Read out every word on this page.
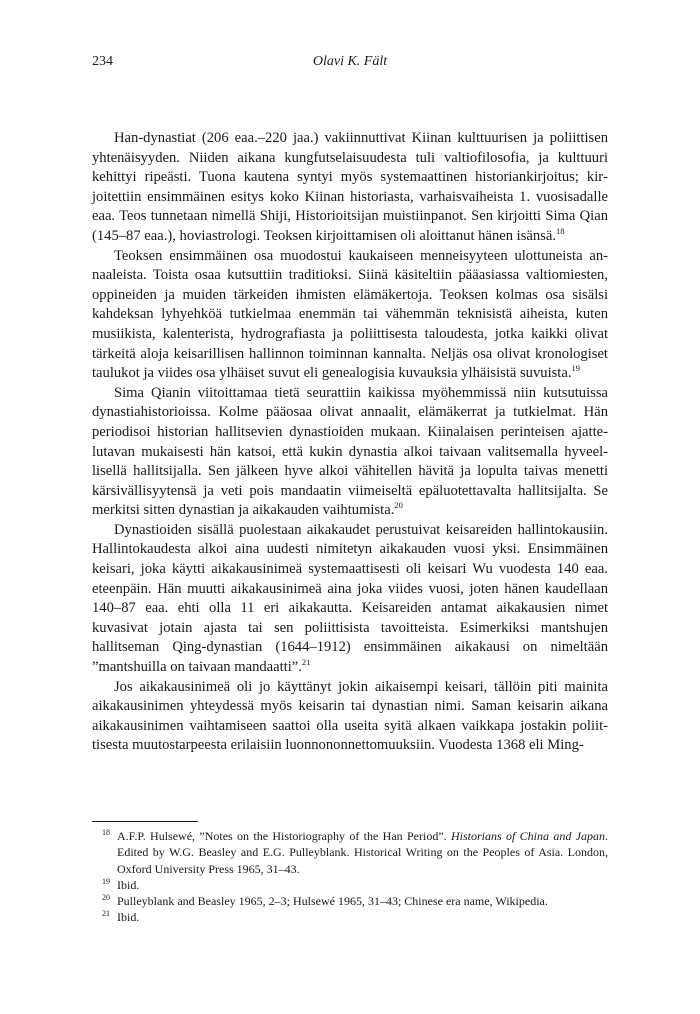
234	Olavi K. Fält

Han-dynastiat (206 eaa.–220 jaa.) vakiinnuttivat Kiinan kulttuurisen ja poliittisen yhtenäisyyden. Niiden aikana kungfutselaisuudesta tuli valtiofilosofia, ja kulttuuri kehittyi ripeästi. Tuona kautena syntyi myös systemaattinen historiankirjoitus; kirjoitettiin ensimmäinen esitys koko Kiinan historiasta, varhaisvaiheista 1. vuosisadalle eaa. Teos tunnetaan nimellä Shiji, Historioitsijan muistiinpanot. Sen kirjoitti Sima Qian (145–87 eaa.), hoviastrologi. Teoksen kirjoittamisen oli aloittanut hänen isänsä.$^{18}$

Teoksen ensimmäinen osa muodostui kaukaiseen menneisyyteen ulottuneista annaaleista. Toista osaa kutsuttiin traditioksi. Siinä käsiteltiin pääasiassa valtiomiesten, oppineiden ja muiden tärkeiden ihmisten elämäkertoja. Teoksen kolmas osa sisälsi kahdeksan lyhyehköä tutkielmaa enemmän tai vähemmän teknisistä aiheista, kuten musiikista, kalenterista, hydrografiasta ja poliittisesta taloudesta, jotka kaikki olivat tärkeitä aloja keisarillisen hallinnon toiminnan kannalta. Neljäs osa olivat kronologiset taulukot ja viides osa ylhäiset suvut eli genealogisia kuvauksia ylhäisistä suvuista.$^{19}$

Sima Qianin viitoittamaa tietä seurattiin kaikissa myöhemmissä niin kutsutuissa dynastiahistorioissa. Kolme pääosaa olivat annaalit, elämäkerrat ja tutkielmat. Hän periodisoi historian hallitsevien dynastioiden mukaan. Kiinalaisen perinteisen ajattelutavan mukaisesti hän katsoi, että kukin dynastia alkoi taivaan valitsemalla hyveellisellä hallitsijalla. Sen jälkeen hyve alkoi vähitellen hävitä ja lopulta taivas menetti kärsivällisyytensä ja veti pois mandaatin viimeiseltä epäluotettavalta hallitsijalta. Se merkitsi sitten dynastian ja aikakauden vaihtumista.$^{20}$

Dynastioiden sisällä puolestaan aikakaudet perustuivat keisareiden hallintokausiin. Hallintokaudesta alkoi aina uudesti nimitetyn aikakauden vuosi yksi. Ensimmäinen keisari, joka käytti aikakausinimeä systemaattisesti oli keisari Wu vuodesta 140 eaa. eteenpäin. Hän muutti aikakausinimeä aina joka viides vuosi, joten hänen kaudellaan 140–87 eaa. ehti olla 11 eri aikakautta. Keisareiden antamat aikakausien nimet kuvasivat jotain ajasta tai sen poliittisista tavoitteista. Esimerkiksi mantshujen hallitseman Qing-dynastian (1644–1912) ensimmäinen aikakausi on nimeltään ”mantshuilla on taivaan mandaatti”.$^{21}$

Jos aikakausinimeä oli jo käyttänyt jokin aikaisempi keisari, tällöin piti mainita aikakausinimen yhteydessä myös keisarin tai dynastian nimi. Saman keisarin aikana aikakausinimen vaihtamiseen saattoi olla useita syitä alkaen vaikkapa jostakin poliittisesta muutostarpeesta erilaisiin luonnononnettomuuksiin. Vuodesta 1368 eli Ming-

$^{18}$ A.F.P. Hulsewé, ”Notes on the Historiography of the Han Period”. Historians of China and Japan. Edited by W.G. Beasley and E.G. Pulleyblank. Historical Writing on the Peoples of Asia. London, Oxford University Press 1965, 31–43.
$^{19}$ Ibid.
$^{20}$ Pulleyblank and Beasley 1965, 2–3; Hulsewé 1965, 31–43; Chinese era name, Wikipedia.
$^{21}$ Ibid.
